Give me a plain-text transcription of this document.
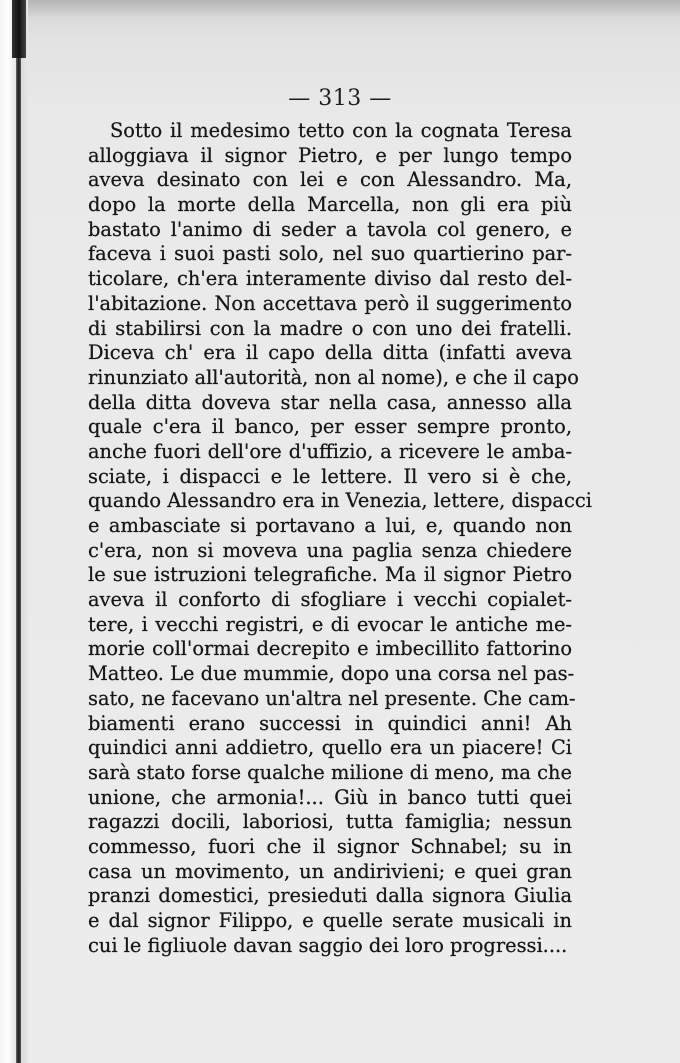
— 313 —
Sotto il medesimo tetto con la cognata Teresa
alloggiava il signor Pietro, e per lungo tempo
aveva desinato con lei e con Alessandro. Ma,
dopo la morte della Marcella, non gli era più
bastato l'animo di seder a tavola col genero, e
faceva i suoi pasti solo, nel suo quartierino par-
ticolare, ch'era interamente diviso dal resto del-
l'abitazione. Non accettava però il suggerimento
di stabilirsi con la madre o con uno dei fratelli.
Diceva ch' era il capo della ditta (infatti aveva
rinunziato all'autorità, non al nome), e che il capo
della ditta doveva star nella casa, annesso alla
quale c'era il banco, per esser sempre pronto,
anche fuori dell'ore d'uffizio, a ricevere le amba-
sciate, i dispacci e le lettere. Il vero si è che,
quando Alessandro era in Venezia, lettere, dispacci
e ambasciate si portavano a lui, e, quando non
c'era, non si moveva una paglia senza chiedere
le sue istruzioni telegrafiche. Ma il signor Pietro
aveva il conforto di sfogliare i vecchi copialet-
tere, i vecchi registri, e di evocar le antiche me-
morie coll'ormai decrepito e imbecillito fattorino
Matteo. Le due mummie, dopo una corsa nel pas-
sato, ne facevano un'altra nel presente. Che cam-
biamenti erano successi in quindici anni! Ah
quindici anni addietro, quello era un piacere! Ci
sarà stato forse qualche milione di meno, ma che
unione, che armonia!... Giù in banco tutti quei
ragazzi docili, laboriosi, tutta famiglia; nessun
commesso, fuori che il signor Schnabel; su in
casa un movimento, un andirivieni; e quei gran
pranzi domestici, presieduti dalla signora Giulia
e dal signor Filippo, e quelle serate musicali in
cui le figliuole davan saggio dei loro progressi....
